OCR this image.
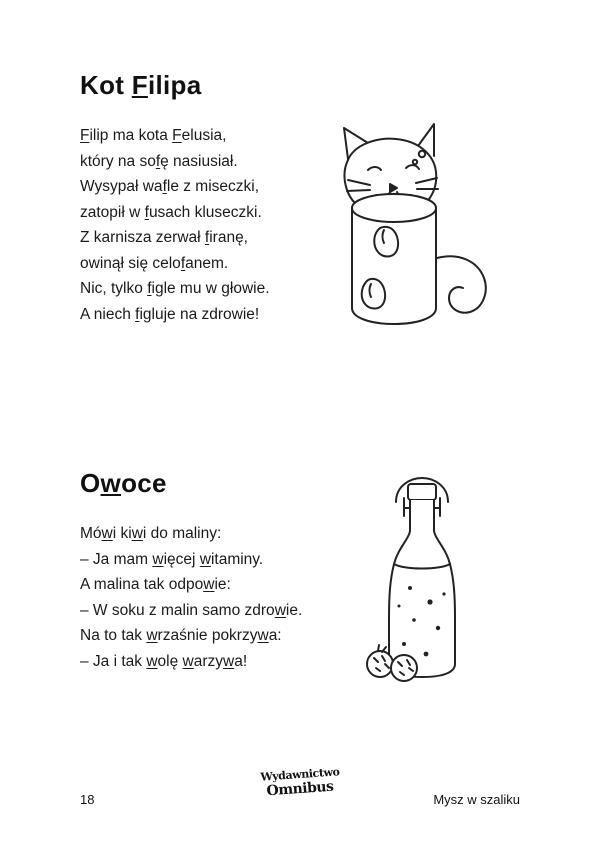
Kot Filipa
Filip ma kota Felusia,
który na sofę nasiusiał.
Wysypał wafle z miseczki,
zatopił w fusach kluseczki.
Z karnisza zerwał firanę,
owinął się celofanem.
Nic, tylko figle mu w głowie.
A niech figluje na zdrowie!
Owoce
Mówi kiwi do maliny:
– Ja mam więcej witaminy.
A malina tak odpowie:
– W soku z malin samo zdrowie.
Na to tak wrzaśnie pokrzywa:
– Ja i tak wolę warzywa!
18
Wydawnictwo
Omnibus
Mysz w szaliku
